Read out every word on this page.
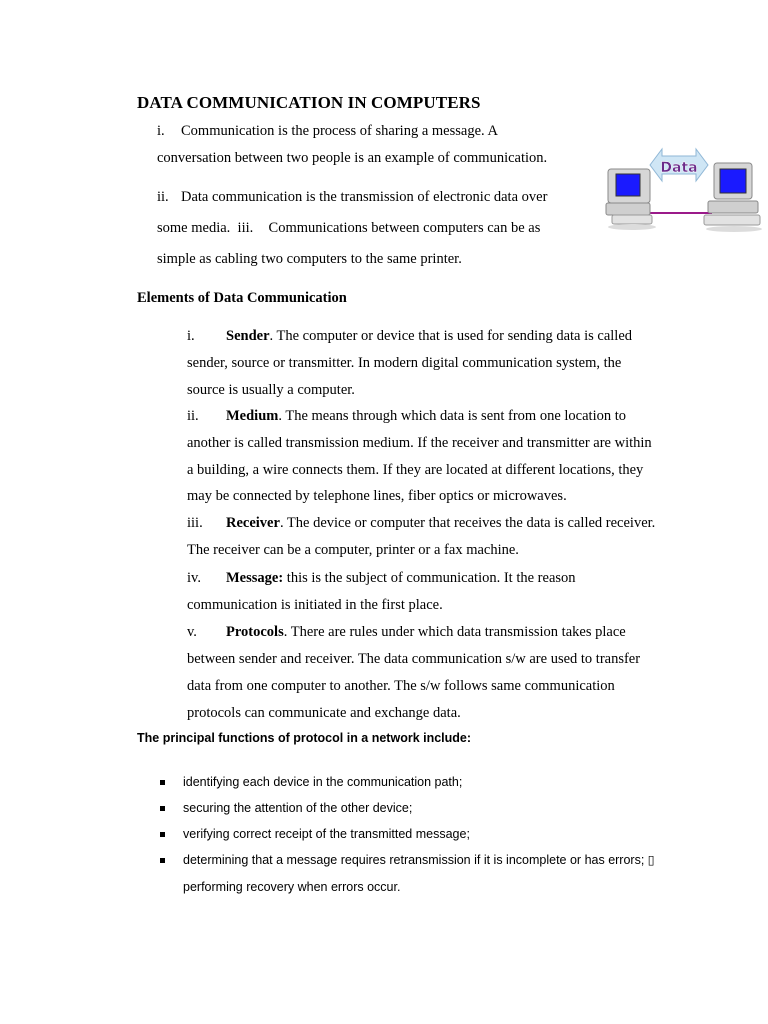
DATA COMMUNICATION IN COMPUTERS
i. Communication is the process of sharing a message. A
conversation between two people is an example of communication.
ii. Data communication is the transmission of electronic data over
some media. iii. Communications between computers can be as
simple as cabling two computers to the same printer.
Data
Elements of Data Communication
i. Sender. The computer or device that is used for sending data is called
sender, source or transmitter. In modern digital communication system, the
source is usually a computer.
ii. Medium. The means through which data is sent from one location to
another is called transmission medium. If the receiver and transmitter are within
a building, a wire connects them. If they are located at different locations, they
may be connected by telephone lines, fiber optics or microwaves.
iii. Receiver. The device or computer that receives the data is called receiver.
The receiver can be a computer, printer or a fax machine.
iv. Message: this is the subject of communication. It the reason
communication is initiated in the first place.
v. Protocols. There are rules under which data transmission takes place
between sender and receiver. The data communication s/w are used to transfer
data from one computer to another. The s/w follows same communication
protocols can communicate and exchange data.
The principal functions of protocol in a network include:
identifying each device in the communication path;
securing the attention of the other device;
verifying correct receipt of the transmitted message;
determining that a message requires retransmission if it is incomplete or has errors; ▯
performing recovery when errors occur.
